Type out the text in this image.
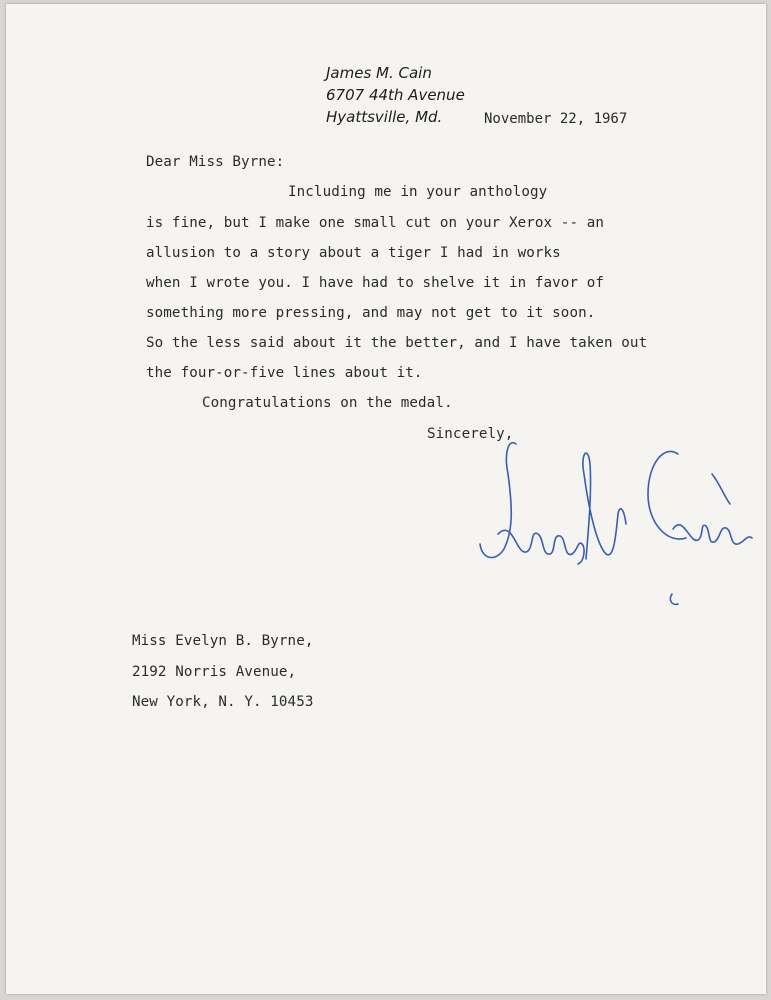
James M. Cain
6707 44th Avenue
Hyattsville, Md.	November 22, 1967
Dear Miss Byrne:
Including me in your anthology
is fine, but I make one small cut on your Xerox -- an
allusion to a story about a tiger I had in works
when I wrote you. I have had to shelve it in favor of
something more pressing, and may not get to it soon.
So the less said about it the better, and I have taken out
the four-or-five lines about it.
Congratulations on the medal.
Sincerely,
Miss Evelyn B. Byrne,
2192 Norris Avenue,
New York, N. Y. 10453
